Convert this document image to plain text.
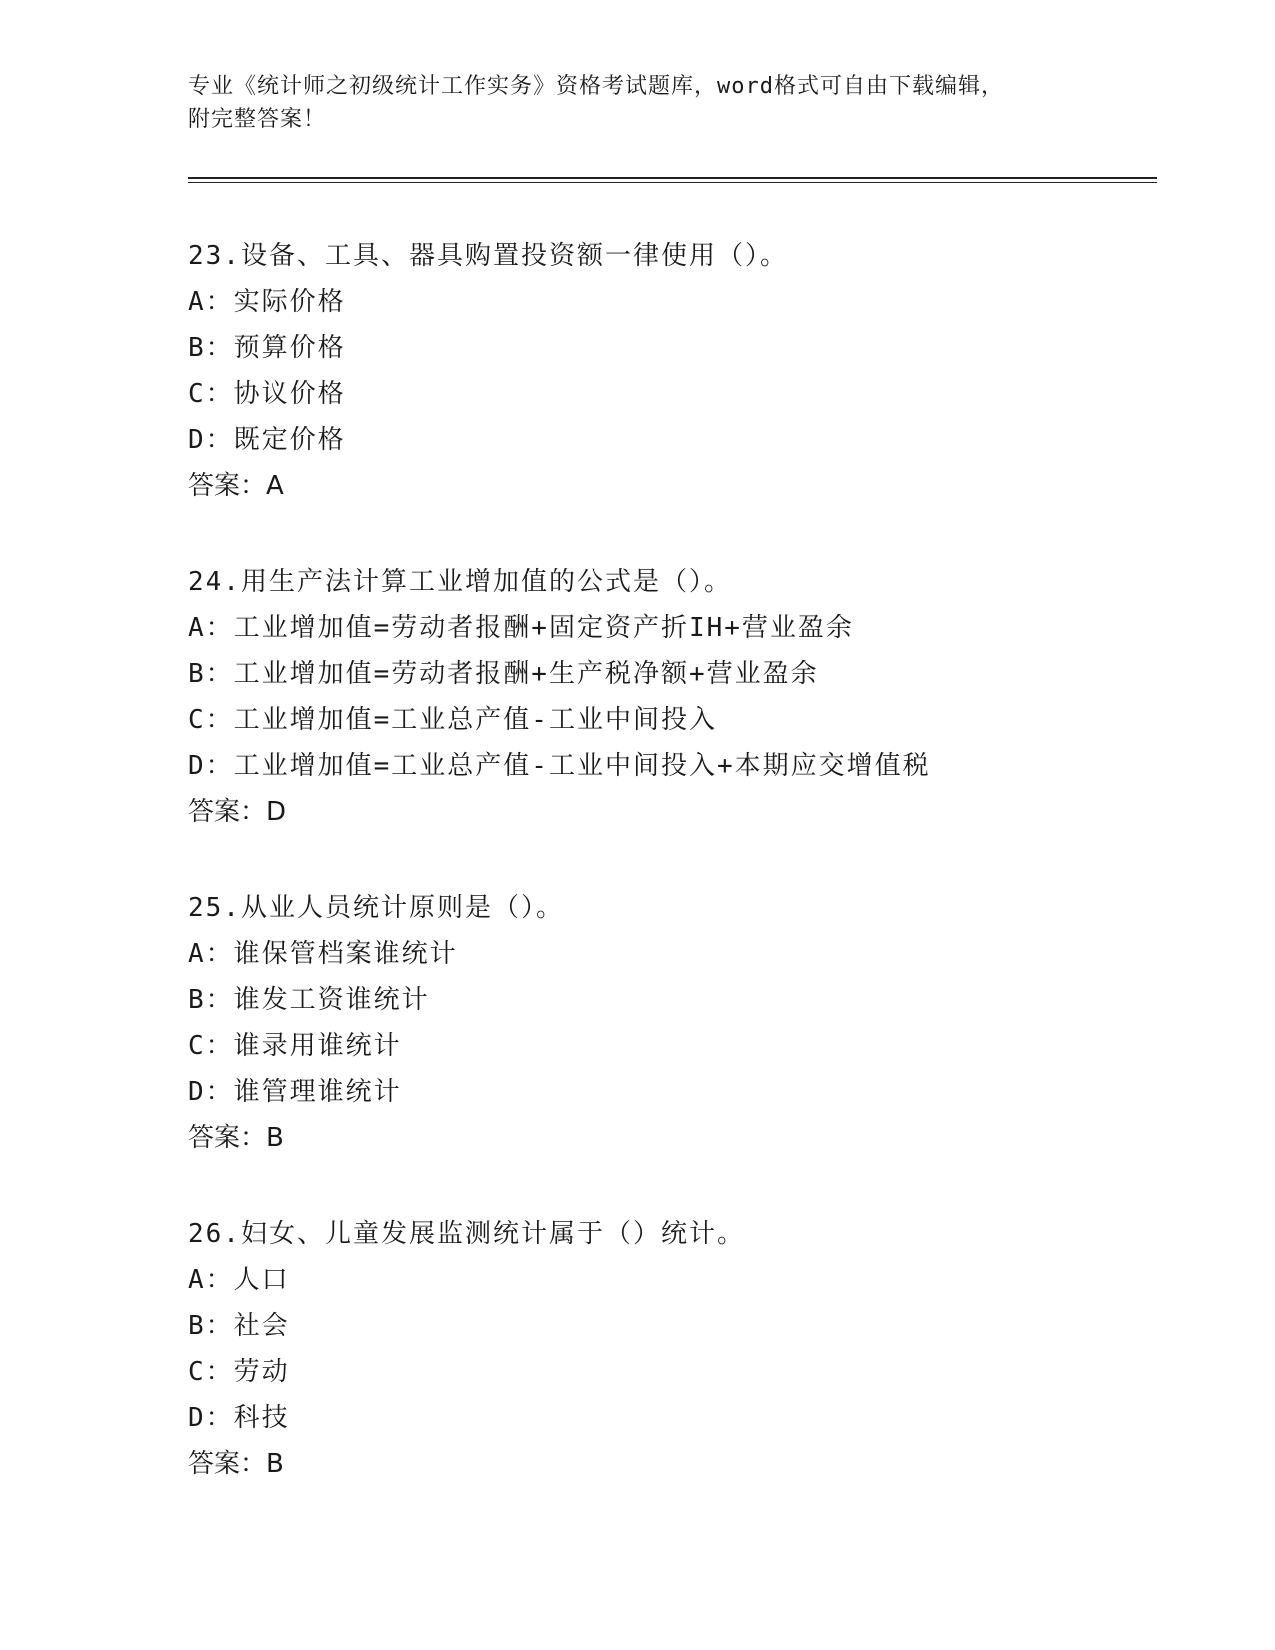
专业《统计师之初级统计工作实务》资格考试题库，word格式可自由下载编辑，
附完整答案！
23.设备、工具、器具购置投资额一律使用（）。
A：实际价格
B：预算价格
C：协议价格
D：既定价格
答案：A
24.用生产法计算工业增加值的公式是（）。
A：工业增加值=劳动者报酬+固定资产折IH+营业盈余
B：工业增加值=劳动者报酬+生产税净额+营业盈余
C：工业增加值=工业总产值-工业中间投入
D：工业增加值=工业总产值-工业中间投入+本期应交增值税
答案：D
25.从业人员统计原则是（）。
A：谁保管档案谁统计
B：谁发工资谁统计
C：谁录用谁统计
D：谁管理谁统计
答案：B
26.妇女、儿童发展监测统计属于（）统计。
A：人口
B：社会
C：劳动
D：科技
答案：B
